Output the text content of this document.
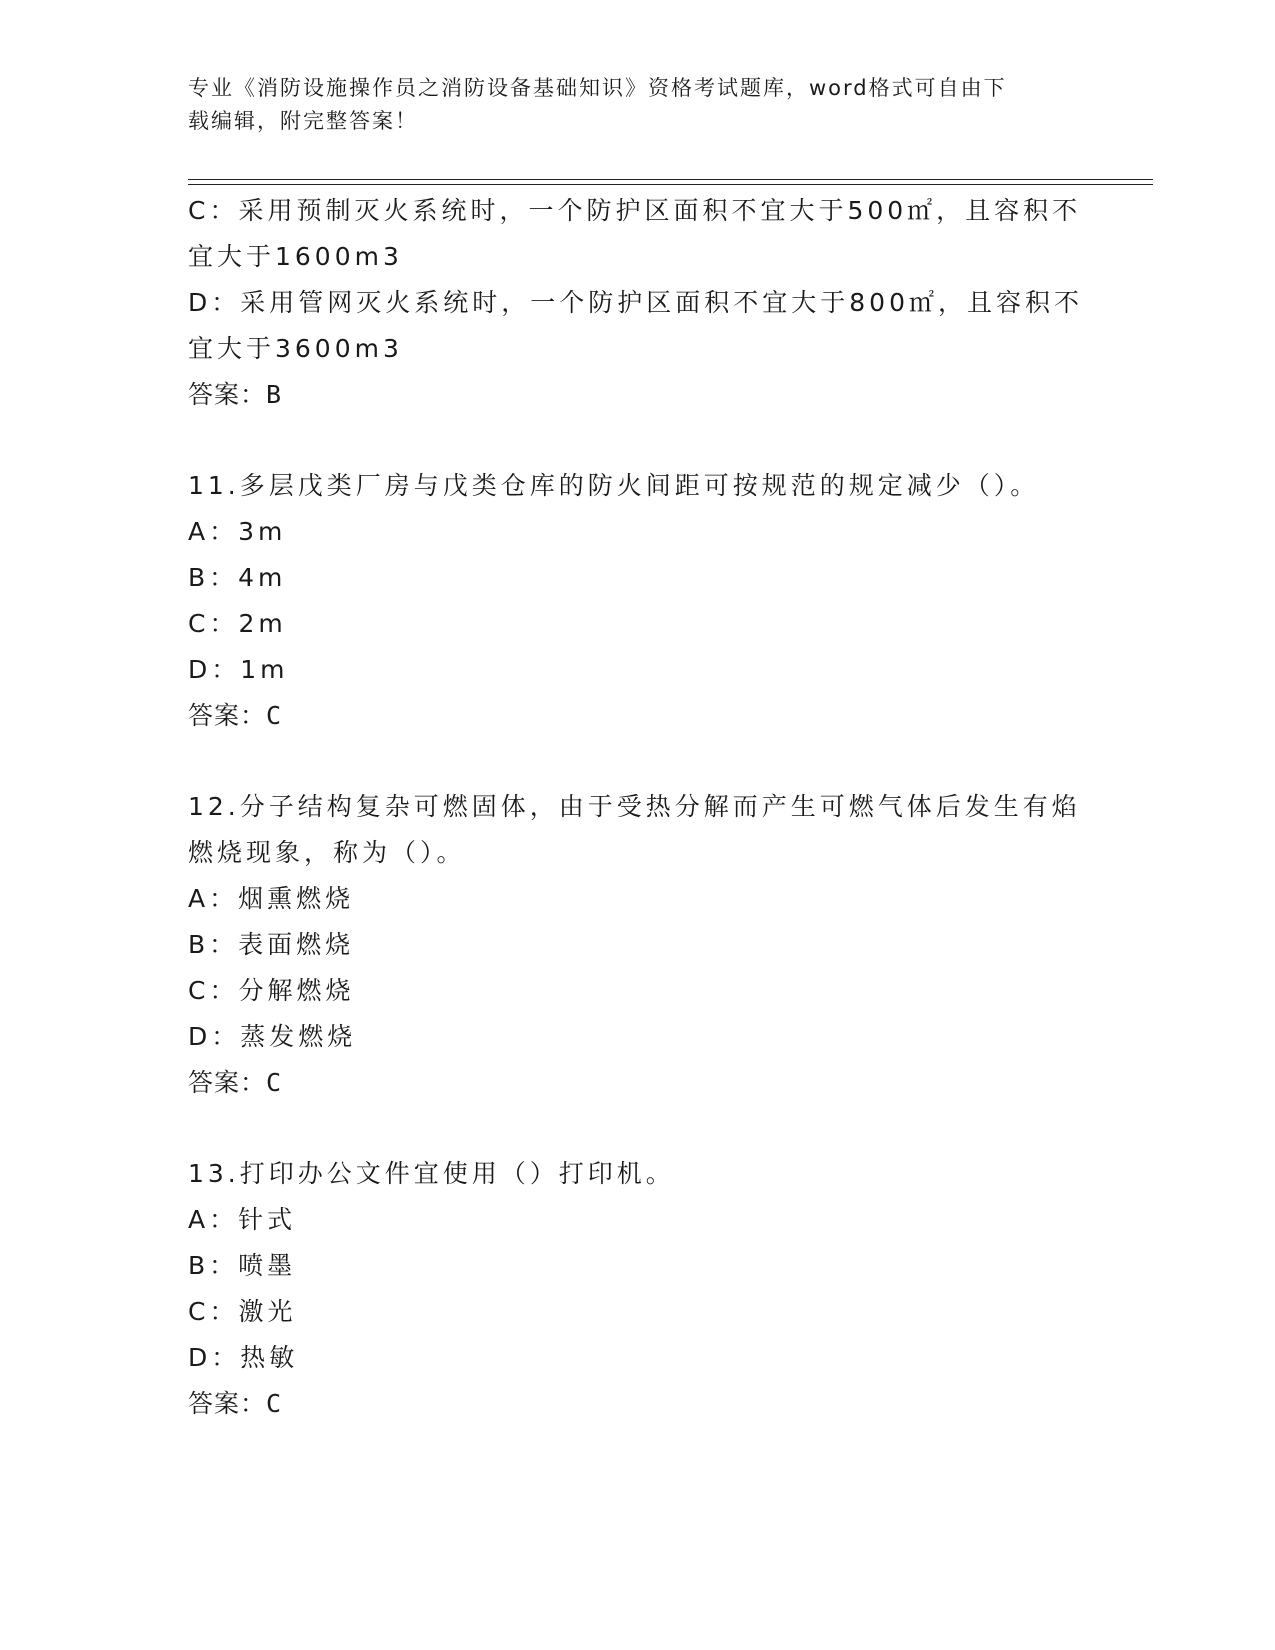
专业《消防设施操作员之消防设备基础知识》资格考试题库，word格式可自由下
载编辑，附完整答案！
C：采用预制灭火系统时，一个防护区面积不宜大于500㎡，且容积不
宜大于1600m3
D：采用管网灭火系统时，一个防护区面积不宜大于800㎡，且容积不
宜大于3600m3
答案：B
11.多层戊类厂房与戊类仓库的防火间距可按规范的规定减少（）。
A：3m
B：4m
C：2m
D：1m
答案：C
12.分子结构复杂可燃固体，由于受热分解而产生可燃气体后发生有焰
燃烧现象，称为（）。
A：烟熏燃烧
B：表面燃烧
C：分解燃烧
D：蒸发燃烧
答案：C
13.打印办公文件宜使用（）打印机。
A：针式
B：喷墨
C：激光
D：热敏
答案：C
